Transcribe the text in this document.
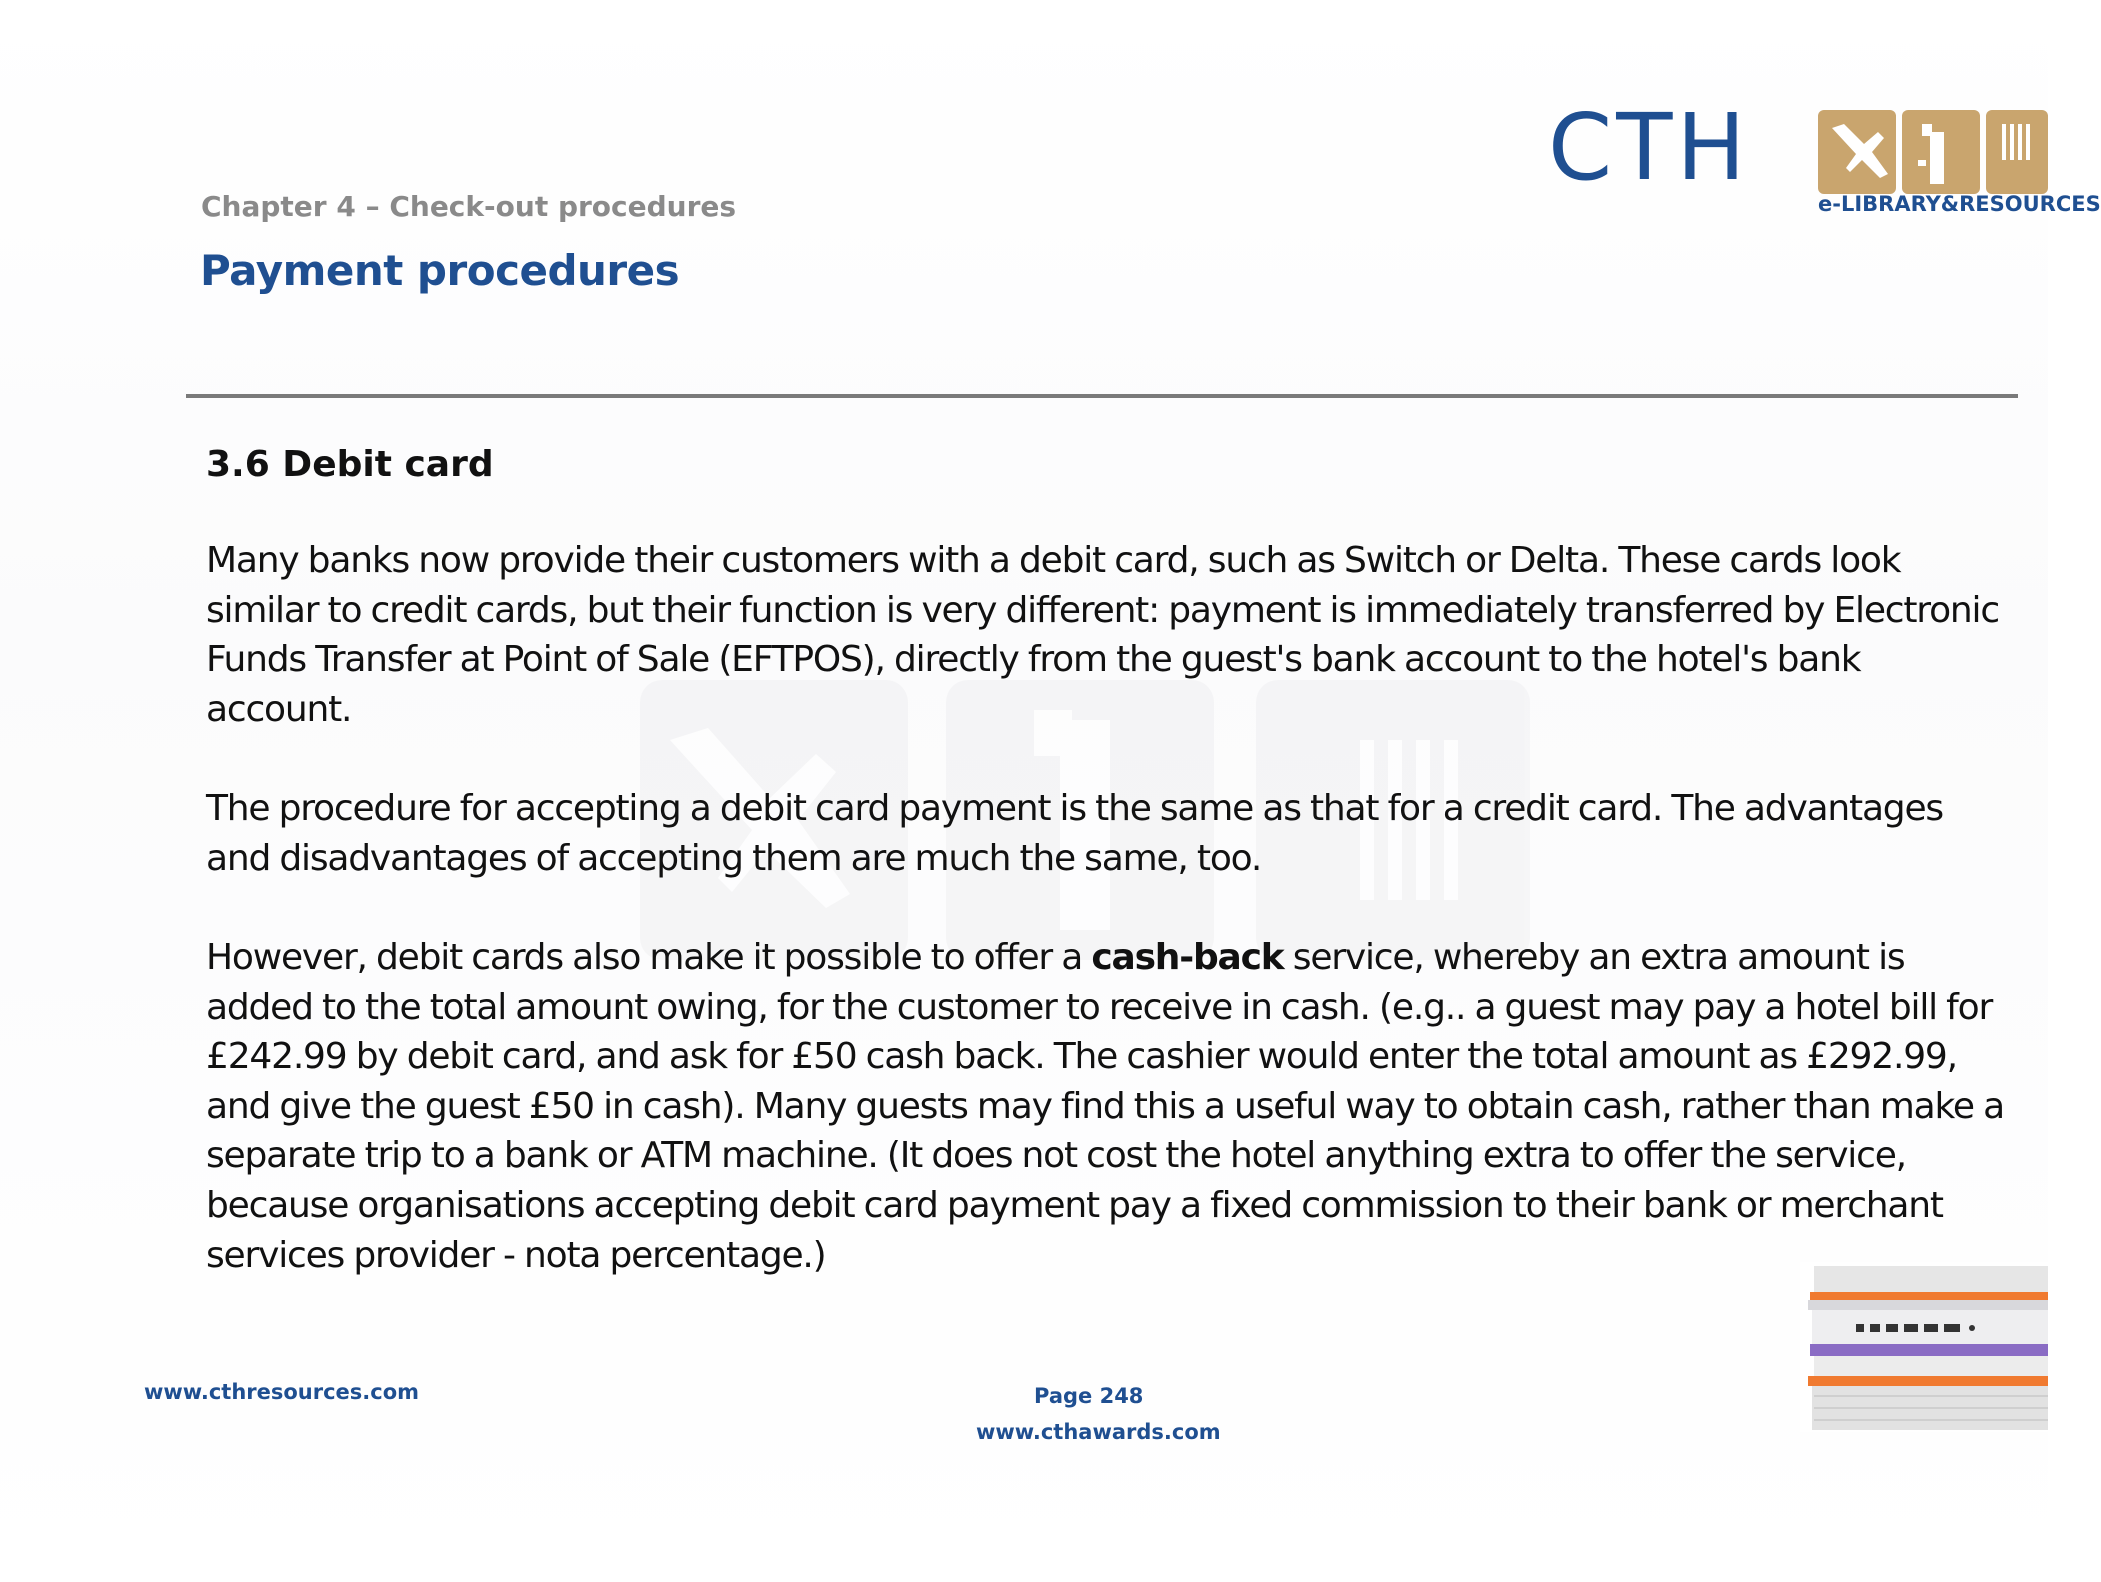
CTH
e-LIBRARY&RESOURCES
Chapter 4 – Check-out procedures
Payment procedures
3.6 Debit card
Many banks now provide their customers with a debit card, such as Switch or Delta. These cards look similar to credit cards, but their function is very different: payment is immediately transferred by Electronic Funds Transfer at Point of Sale (EFTPOS), directly from the guest's bank account to the hotel's bank account.
The procedure for accepting a debit card payment is the same as that for a credit card. The advantages and disadvantages of accepting them are much the same, too.
However, debit cards also make it possible to offer a cash-back service, whereby an extra amount is added to the total amount owing, for the customer to receive in cash. (e.g.. a guest may pay a hotel bill for £242.99 by debit card, and ask for £50 cash back. The cashier would enter the total amount as £292.99, and give the guest £50 in cash). Many guests may find this a useful way to obtain cash, rather than make a separate trip to a bank or ATM machine. (It does not cost the hotel anything extra to offer the service, because organisations accepting debit card payment pay a fixed commission to their bank or merchant services provider - nota percentage.)
www.cthresources.com	Page 248
www.cthawards.com
